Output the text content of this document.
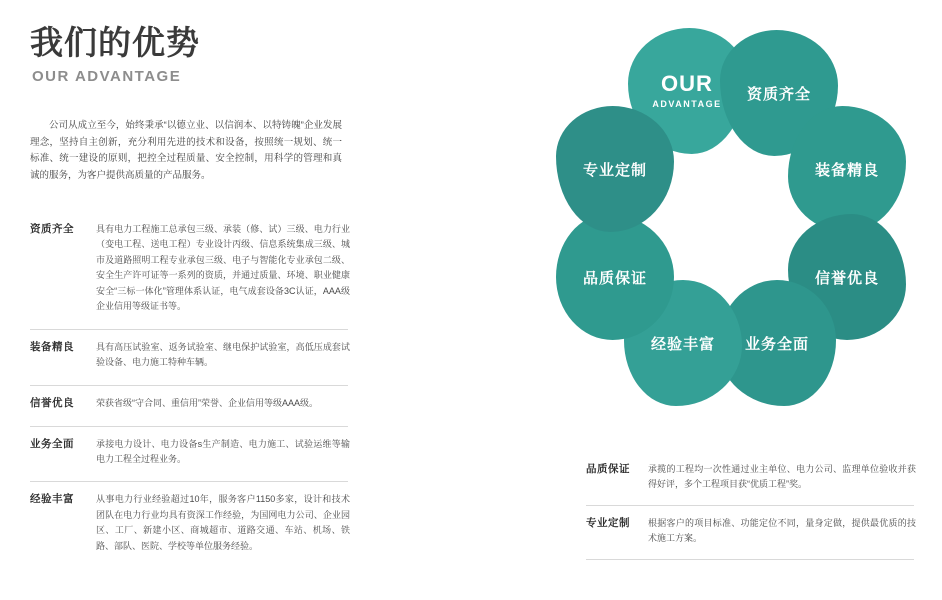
我们的优势
OUR ADVANTAGE
公司从成立至今，始终秉承“以德立业、以信润本、以特铸魄”企业发展理念，坚持自主创新，充分利用先进的技术和设备，按照统一规划、统一标准、统一建设的原则，把控全过程质量、安全控制，用科学的管理和真诚的服务，为客户提供高质量的产品服务。
资质齐全	具有电力工程施工总承包三级、承装（修、试）三级、电力行业（变电工程、送电工程）专业设计丙级、信息系统集成三级、城市及道路照明工程专业承包三级、电子与智能化专业承包二级、安全生产许可证等一系列的资质，并通过质量、环境、职业健康安全“三标一体化”管理体系认证，电气成套设备3C认证，AAA级企业信用等级证书等。
装备精良	具有高压试验室、返务试验室、继电保护试验室，高低压成套试验设备、电力施工特种车辆。
信誉优良	荣获省级“守合同、重信用”荣誉、企业信用等级AAA级。
业务全面	承接电力设计、电力设备s生产制造、电力施工、试验运维等输电力工程全过程业务。
经验丰富	从事电力行业经验超过10年，服务客户1150多家，设计和技术团队在电力行业均具有资深工作经验，为国网电力公司、企业园区、工厂、新建小区、商城超市、道路交通、车站、机场、铁路、部队、医院、学校等单位服务经验。
OUR
ADVANTAGE
资质齐全
装备精良
信誉优良
业务全面
经验丰富
品质保证
专业定制
品质保证	承揽的工程均一次性通过业主单位、电力公司、监理单位验收并获得好评，多个工程项目获“优质工程”奖。
专业定制	根据客户的项目标准、功能定位不同，量身定做，提供最优质的技术施工方案。
